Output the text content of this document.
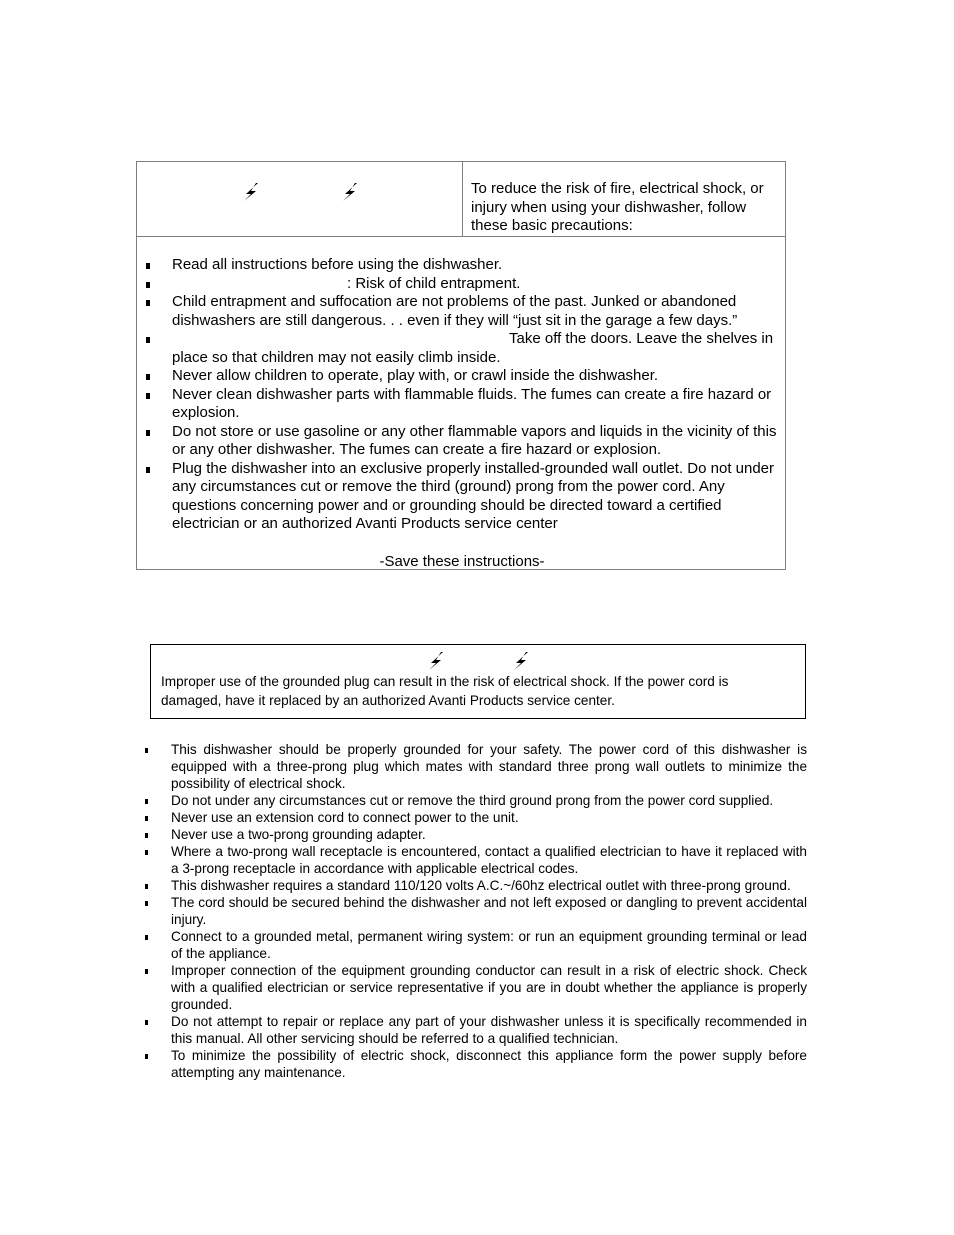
To reduce the risk of fire, electrical shock, or injury when using your dishwasher, follow these basic precautions:
Read all instructions before using the dishwasher.
: Risk of child entrapment.
Child entrapment and suffocation are not problems of the past. Junked or abandoned dishwashers are still dangerous. . . even if they will “just sit in the garage a few days.”
Take off the doors. Leave the shelves in place so that children may not easily climb inside.
Never allow children to operate, play with, or crawl inside the dishwasher.
Never clean dishwasher parts with flammable fluids. The fumes can create a fire hazard or explosion.
Do not store or use gasoline or any other flammable vapors and liquids in the vicinity of this or any other dishwasher. The fumes can create a fire hazard or explosion.
Plug the dishwasher into an exclusive properly installed-grounded wall outlet. Do not under any circumstances cut or remove the third (ground) prong from the power cord. Any questions concerning power and or grounding should be directed toward a certified electrician or an authorized Avanti Products service center
-Save these instructions-
Improper use of the grounded plug can result in the risk of electrical shock. If the power cord is damaged, have it replaced by an authorized Avanti Products service center.
This dishwasher should be properly grounded for your safety. The power cord of this dishwasher is equipped with a three-prong plug which mates with standard three prong wall outlets to minimize the possibility of electrical shock.
Do not under any circumstances cut or remove the third ground prong from the power cord supplied.
Never use an extension cord to connect power to the unit.
Never use a two-prong grounding adapter.
Where a two-prong wall receptacle is encountered, contact a qualified electrician to have it replaced with a 3-prong receptacle in accordance with applicable electrical codes.
This dishwasher requires a standard 110/120 volts A.C.~/60hz electrical outlet with three-prong ground.
The cord should be secured behind the dishwasher and not left exposed or dangling to prevent accidental injury.
Connect to a grounded metal, permanent wiring system: or run an equipment grounding terminal or lead of the appliance.
Improper connection of the equipment grounding conductor can result in a risk of electric shock. Check with a qualified electrician or service representative if you are in doubt whether the appliance is properly grounded.
Do not attempt to repair or replace any part of your dishwasher unless it is specifically recommended in this manual. All other servicing should be referred to a qualified technician.
To minimize the possibility of electric shock, disconnect this appliance form the power supply before attempting any maintenance.
